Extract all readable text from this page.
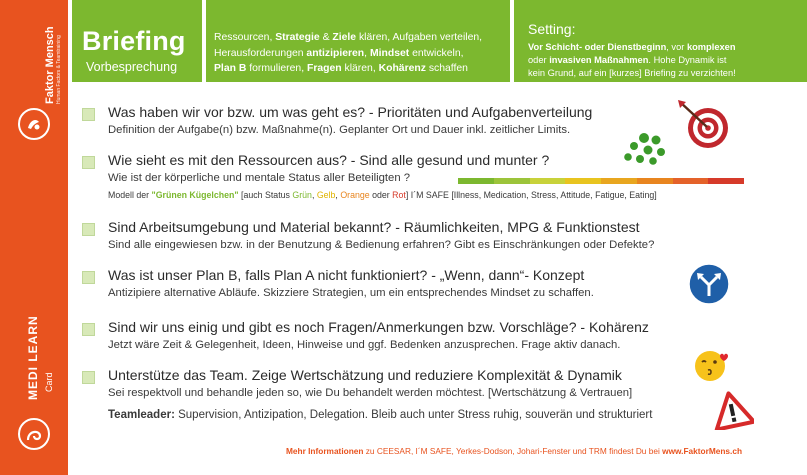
Faktor Mensch Human Factors & Teamtraining
MEDI LEARN Card
Briefing
Vorbesprechung
Ressourcen, Strategie & Ziele klären, Aufgaben verteilen,
Herausforderungen antizipieren, Mindset entwickeln,
Plan B formulieren, Fragen klären, Kohärenz schaffen
Setting:
Vor Schicht- oder Dienstbeginn, vor komplexen
oder invasiven Maßnahmen. Hohe Dynamik ist
kein Grund, auf ein [kurzes] Briefing zu verzichten!
Was haben wir vor bzw. um was geht es? - Prioritäten und Aufgabenverteilung
Definition der Aufgabe(n) bzw. Maßnahme(n). Geplanter Ort und Dauer inkl. zeitlicher Limits.
Wie sieht es mit den Ressourcen aus? - Sind alle gesund und munter ?
Wie ist der körperliche und mentale Status aller Beteiligten ?
Modell der "Grünen Kügelchen" [auch Status Grün, Gelb, Orange oder Rot] I´M SAFE [Illness, Medication, Stress, Attitude, Fatigue, Eating]
Sind Arbeitsumgebung und Material bekannt? - Räumlichkeiten, MPG & Funktionstest
Sind alle eingewiesen bzw. in der Benutzung & Bedienung erfahren? Gibt es Einschränkungen oder Defekte?
Was ist unser Plan B, falls Plan A nicht funktioniert? - „Wenn, dann“- Konzept
Antizipiere alternative Abläufe. Skizziere Strategien, um ein entsprechendes Mindset zu schaffen.
Sind wir uns einig und gibt es noch Fragen/Anmerkungen bzw. Vorschläge? - Kohärenz
Jetzt wäre Zeit & Gelegenheit, Ideen, Hinweise und ggf. Bedenken anzusprechen. Frage aktiv danach.
Unterstütze das Team. Zeige Wertschätzung und reduziere Komplexität & Dynamik
Sei respektvoll und behandle jeden so, wie Du behandelt werden möchtest. [Wertschätzung & Vertrauen]
Teamleader: Supervision, Antizipation, Delegation. Bleib auch unter Stress ruhig, souverän und strukturiert
Mehr Informationen zu CEESAR, I´M SAFE, Yerkes-Dodson, Johari-Fenster und TRM findest Du bei www.FaktorMens.ch
